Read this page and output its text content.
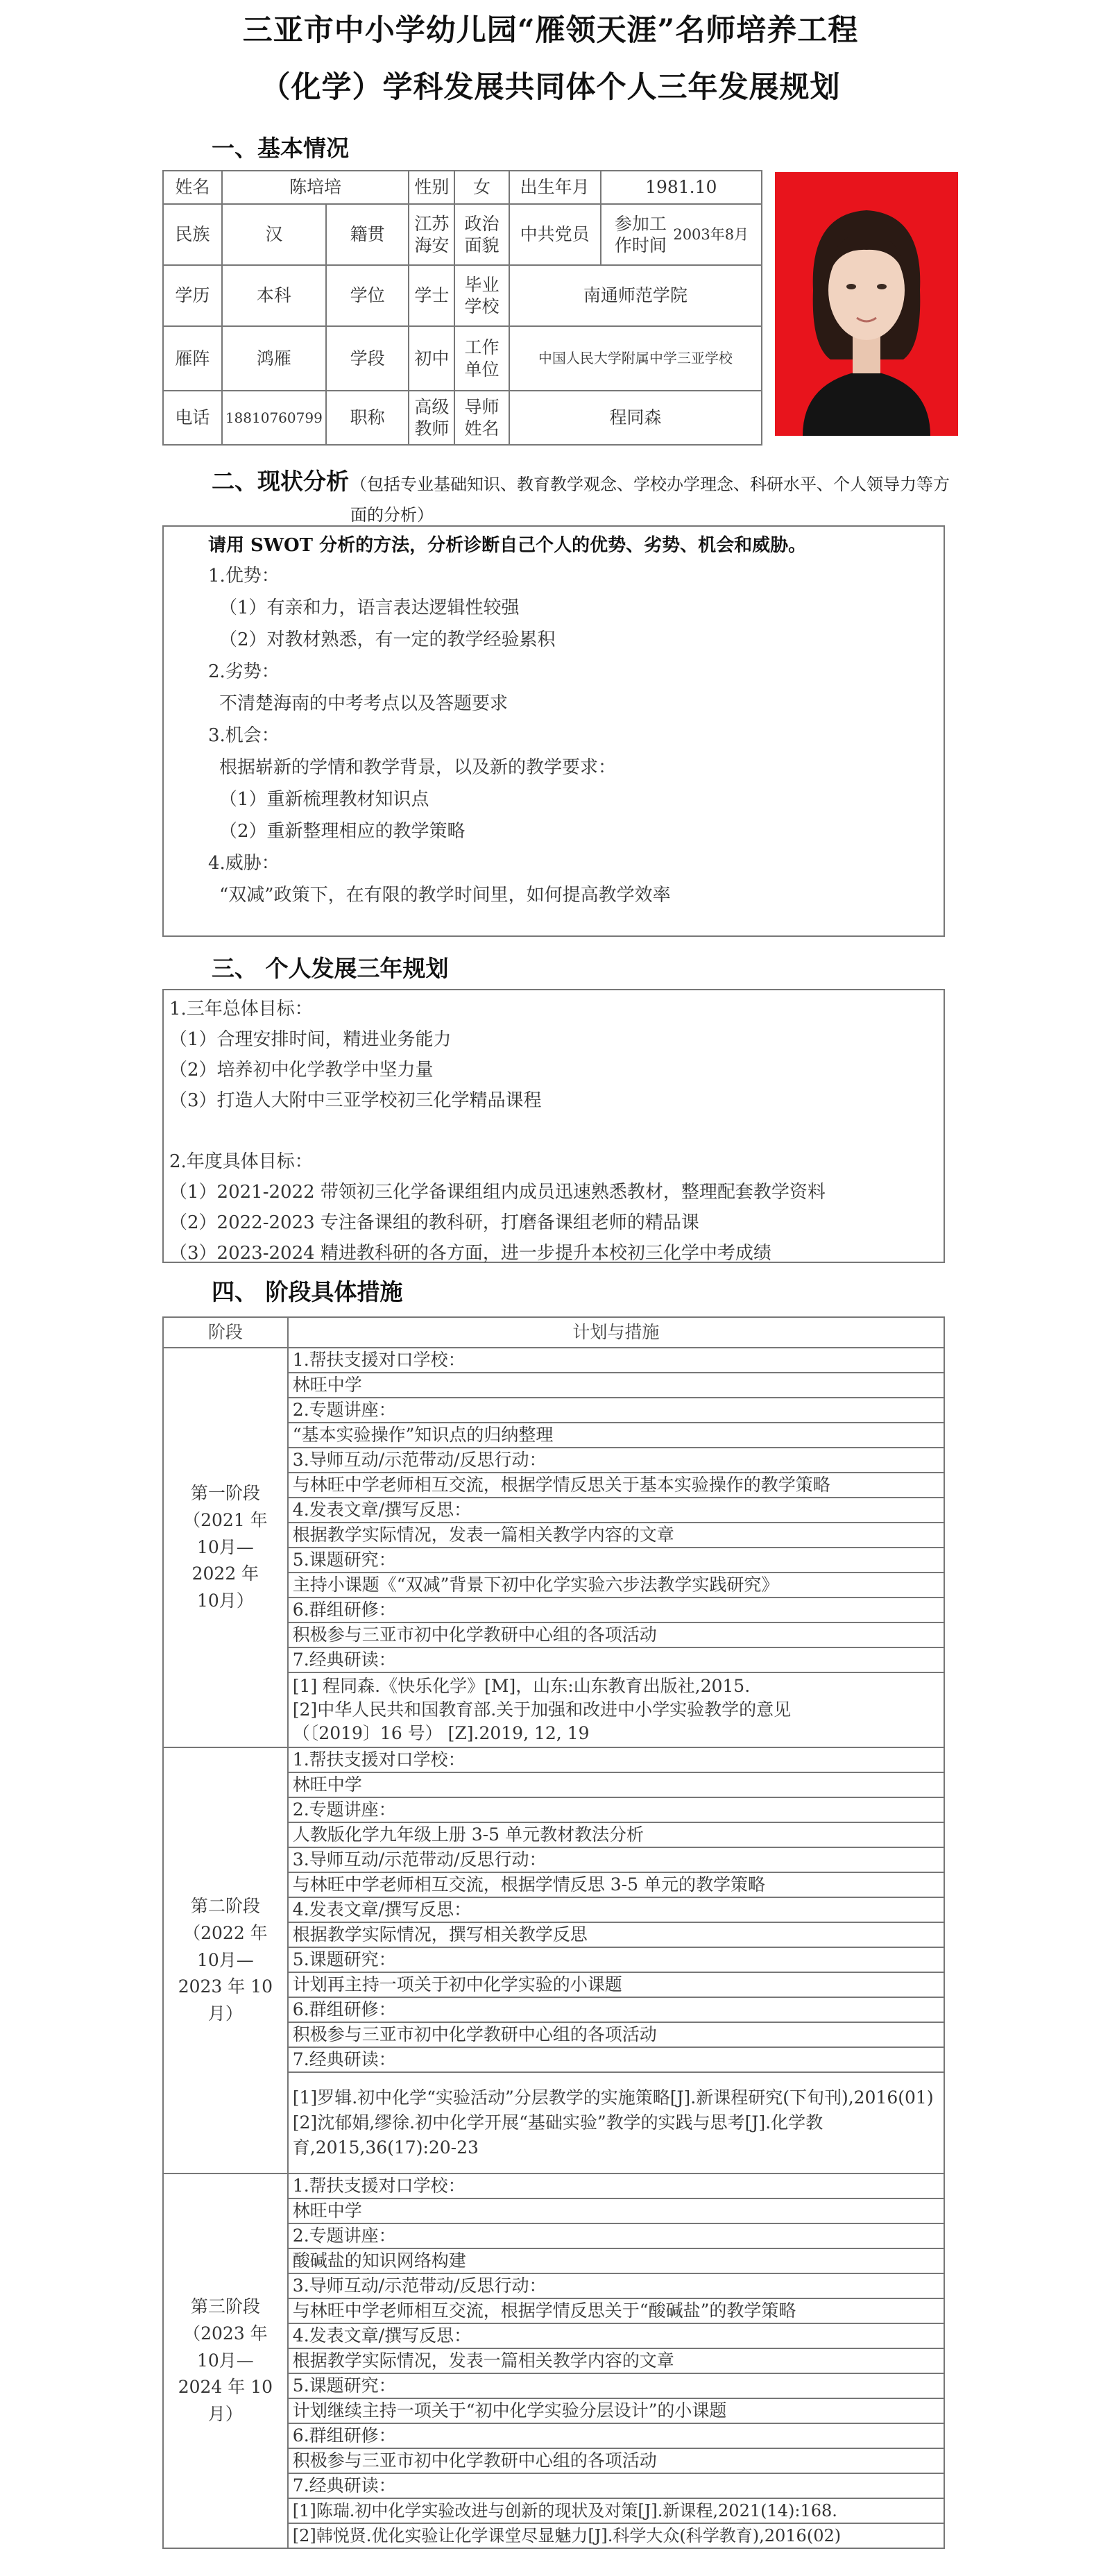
三亚市中小学幼儿园“雁领天涯”名师培养工程
（化学）学科发展共同体个人三年发展规划
一、基本情况
姓名	陈培培		性别	女	出生年月	1981.10
民族	汉	籍贯	江苏海安	政治面貌	中共党员	参加工作时间 2003年8月
学历	本科	学位	学士	毕业学校	南通师范学院	
雁阵	鸿雁	学段	初中	工作单位	中国人民大学附属中学三亚学校	
电话	18810760799	职称	高级教师	导师姓名	程同森	
二、现状分析 （包括专业基础知识、教育教学观念、学校办学理念、科研水平、个人领导力等方面的分析）
请用 SWOT 分析的方法，分析诊断自己个人的优势、劣势、机会和威胁。
1.优势：
（1）有亲和力，语言表达逻辑性较强
（2）对教材熟悉，有一定的教学经验累积
2.劣势：
不清楚海南的中考考点以及答题要求
3.机会：
根据崭新的学情和教学背景，以及新的教学要求：
（1）重新梳理教材知识点
（2）重新整理相应的教学策略
4.威胁：
“双减”政策下，在有限的教学时间里，如何提高教学效率
三、 个人发展三年规划
1.三年总体目标：
（1）合理安排时间，精进业务能力
（2）培养初中化学教学中坚力量
（3）打造人大附中三亚学校初三化学精品课程
2.年度具体目标：
（1）2021-2022 带领初三化学备课组组内成员迅速熟悉教材，整理配套教学资料
（2）2022-2023 专注备课组的教科研，打磨备课组老师的精品课
（3）2023-2024 精进教科研的各方面，进一步提升本校初三化学中考成绩
四、 阶段具体措施
阶段	计划与措施

第一阶段
（2021 年
10月—
2022 年
10月）	1.帮扶支援对口学校：
	林旺中学
	2.专题讲座：
	“基本实验操作”知识点的归纳整理
	3.导师互动/示范带动/反思行动：
	与林旺中学老师相互交流，根据学情反思关于基本实验操作的教学策略
	4.发表文章/撰写反思：
	根据教学实际情况，发表一篇相关教学内容的文章
	5.课题研究：
	主持小课题《“双减”背景下初中化学实验六步法教学实践研究》
	6.群组研修：
	积极参与三亚市初中化学教研中心组的各项活动
	7.经典研读：
	[1] 程同森.《快乐化学》[M]，山东:山东教育出版社,2015.
[2]中华人民共和国教育部.关于加强和改进中小学实验教学的意见
（〔2019〕16 号） [Z].2019, 12, 19

第二阶段
（2022 年
10月—
2023 年 10
月）	1.帮扶支援对口学校：
	林旺中学
	2.专题讲座：
	人教版化学九年级上册 3-5 单元教材教法分析
	3.导师互动/示范带动/反思行动：
	与林旺中学老师相互交流，根据学情反思 3-5 单元的教学策略
	4.发表文章/撰写反思：
	根据教学实际情况，撰写相关教学反思
	5.课题研究：
	计划再主持一项关于初中化学实验的小课题
	6.群组研修：
	积极参与三亚市初中化学教研中心组的各项活动
	7.经典研读：
	[1]罗辑.初中化学“实验活动”分层教学的实施策略[J].新课程研究(下旬刊),2016(01)
[2]沈郁娟,缪徐.初中化学开展“基础实验”教学的实践与思考[J].化学教育,2015,36(17):20-23

第三阶段
（2023 年
10月—
2024 年 10
月）	1.帮扶支援对口学校：
	林旺中学
	2.专题讲座：
	酸碱盐的知识网络构建
	3.导师互动/示范带动/反思行动：
	与林旺中学老师相互交流，根据学情反思关于“酸碱盐”的教学策略
	4.发表文章/撰写反思：
	根据教学实际情况，发表一篇相关教学内容的文章
	5.课题研究：
	计划继续主持一项关于“初中化学实验分层设计”的小课题
	6.群组研修：
	积极参与三亚市初中化学教研中心组的各项活动
	7.经典研读：
	[1]陈瑞.初中化学实验改进与创新的现状及对策[J].新课程,2021(14):168.
	[2]韩悦贤.优化实验让化学课堂尽显魅力[J].科学大众(科学教育),2016(02)
